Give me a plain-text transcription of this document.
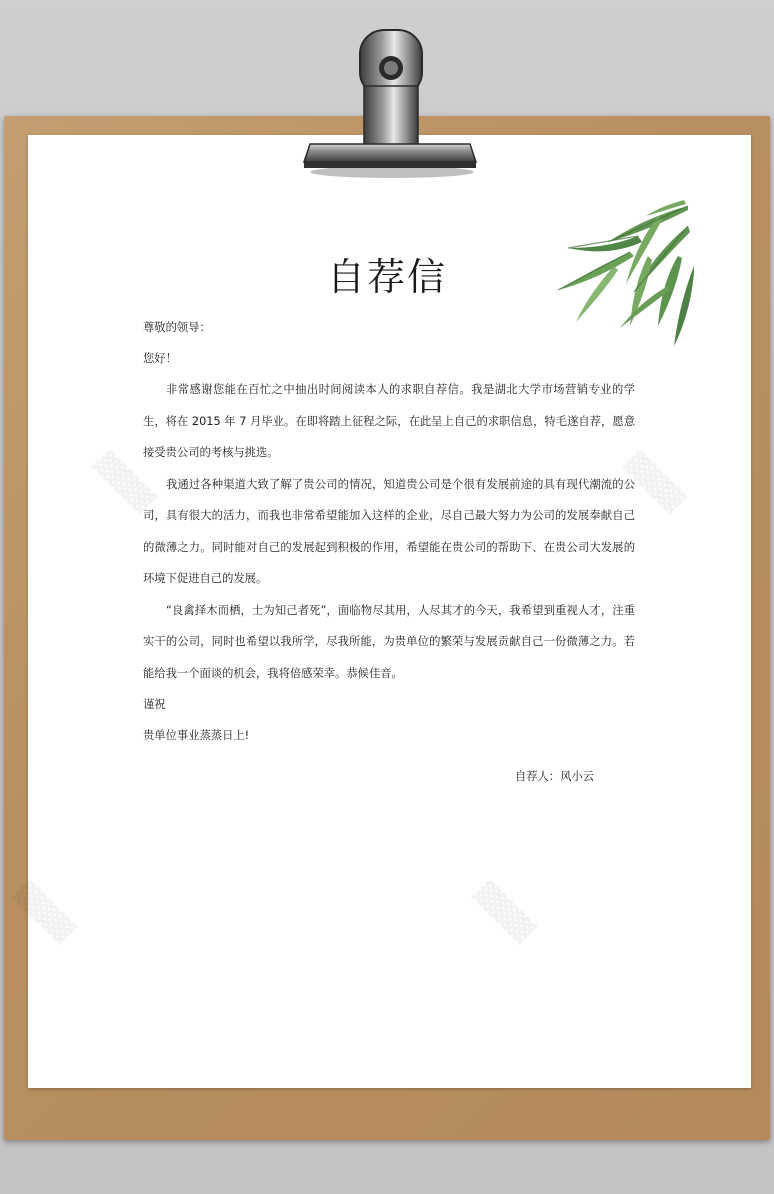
▓▓▓▓	▓▓▓▓
▓▓▓▓	▓▓▓▓
自荐信
尊敬的领导：
您好！
非常感谢您能在百忙之中抽出时间阅读本人的求职自荐信。我是湖北大学市场营销专业的学生，将在 2015 年 7 月毕业。在即将踏上征程之际，在此呈上自己的求职信息，特毛遂自荐，愿意接受贵公司的考核与挑选。
我通过各种渠道大致了解了贵公司的情况，知道贵公司是个很有发展前途的具有现代潮流的公司，具有很大的活力，而我也非常希望能加入这样的企业，尽自己最大努力为公司的发展奉献自己的微薄之力。同时能对自己的发展起到积极的作用，希望能在贵公司的帮助下、在贵公司大发展的环境下促进自己的发展。
“良禽择木而栖，士为知己者死”，面临物尽其用，人尽其才的今天，我希望到重视人才，注重实干的公司，同时也希望以我所学，尽我所能，为贵单位的繁荣与发展贡献自己一份微薄之力。若能给我一个面谈的机会，我将倍感荣幸。恭候佳音。
谨祝
贵单位事业蒸蒸日上!
自荐人：风小云
